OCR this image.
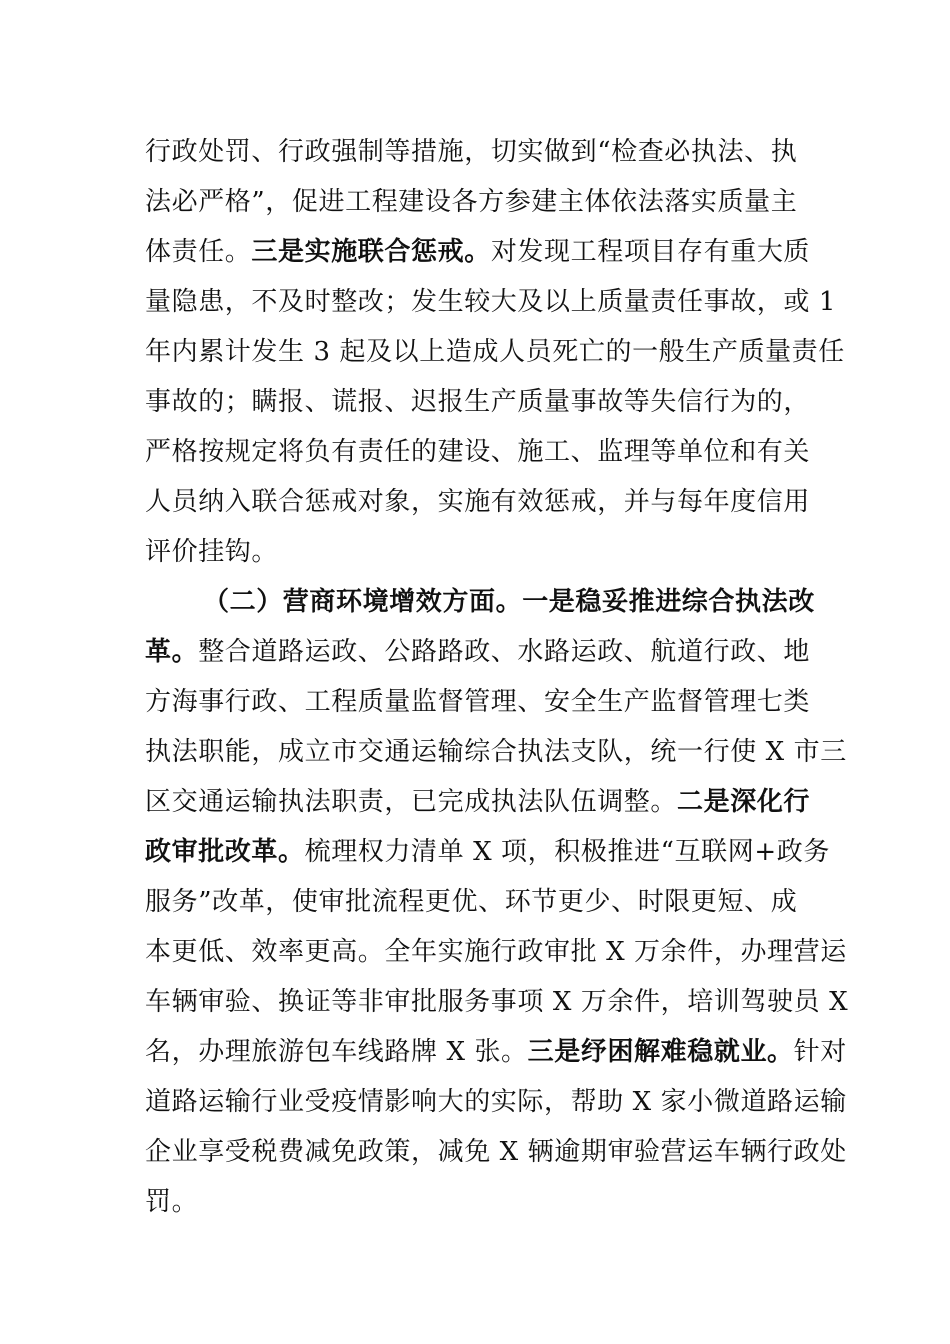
行政处罚、行政强制等措施，切实做到“检查必执法、执
法必严格”，促进工程建设各方参建主体依法落实质量主
体责任。三是实施联合惩戒。对发现工程项目存有重大质
量隐患，不及时整改；发生较大及以上质量责任事故，或 1
年内累计发生 3 起及以上造成人员死亡的一般生产质量责任
事故的；瞒报、谎报、迟报生产质量事故等失信行为的，
严格按规定将负有责任的建设、施工、监理等单位和有关
人员纳入联合惩戒对象，实施有效惩戒，并与每年度信用
评价挂钩。
（二）营商环境增效方面。一是稳妥推进综合执法改
革。整合道路运政、公路路政、水路运政、航道行政、地
方海事行政、工程质量监督管理、安全生产监督管理七类
执法职能，成立市交通运输综合执法支队，统一行使 X 市三
区交通运输执法职责，已完成执法队伍调整。二是深化行
政审批改革。梳理权力清单 X 项，积极推进“互联网+政务
服务”改革，使审批流程更优、环节更少、时限更短、成
本更低、效率更高。全年实施行政审批 X 万余件，办理营运
车辆审验、换证等非审批服务事项 X 万余件，培训驾驶员 X
名，办理旅游包车线路牌 X 张。三是纾困解难稳就业。针对
道路运输行业受疫情影响大的实际，帮助 X 家小微道路运输
企业享受税费减免政策，减免 X 辆逾期审验营运车辆行政处
罚。
